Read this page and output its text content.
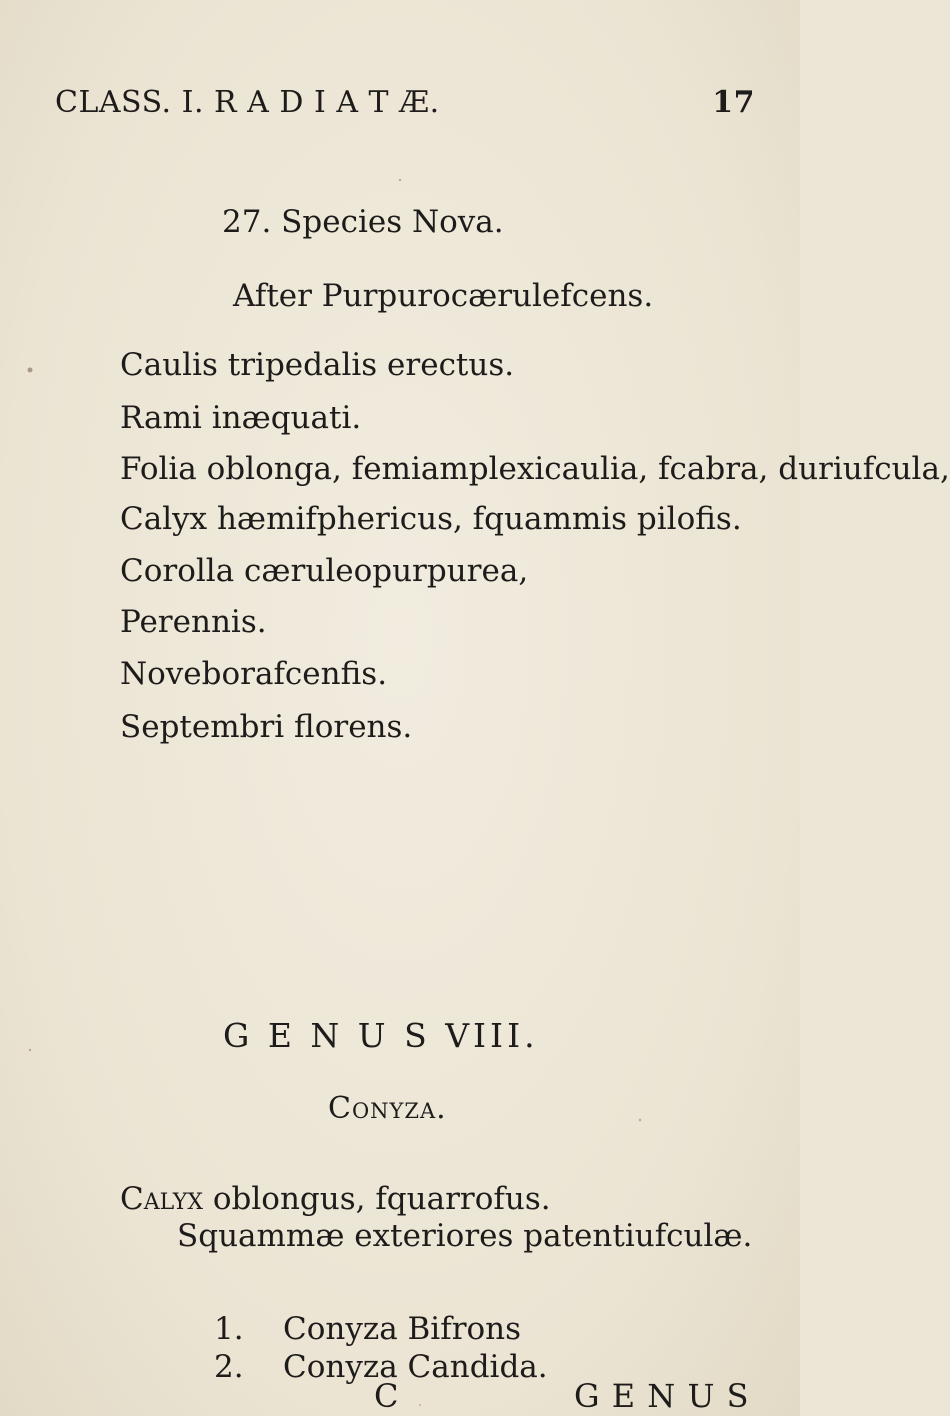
CLASS. I. R A D I A T Æ.	17
27. Species Nova.
After Purpurocærulefcens.
Caulis tripedalis erectus.
Rami inæquati.
Folia oblonga, femiamplexicaulia, fcabra, duriufcula,
Calyx hæmifphericus, fquammis pilofis.
Corolla cæruleopurpurea,
Perennis.
Noveborafcenfis.
Septembri florens.
G E N U S VIII.
Conyza.
Calyx oblongus, fquarrofus.
Squammæ exteriores patentiufculæ.
1. Conyza Bifrons
2. Conyza Candida.
C	G E N U S
